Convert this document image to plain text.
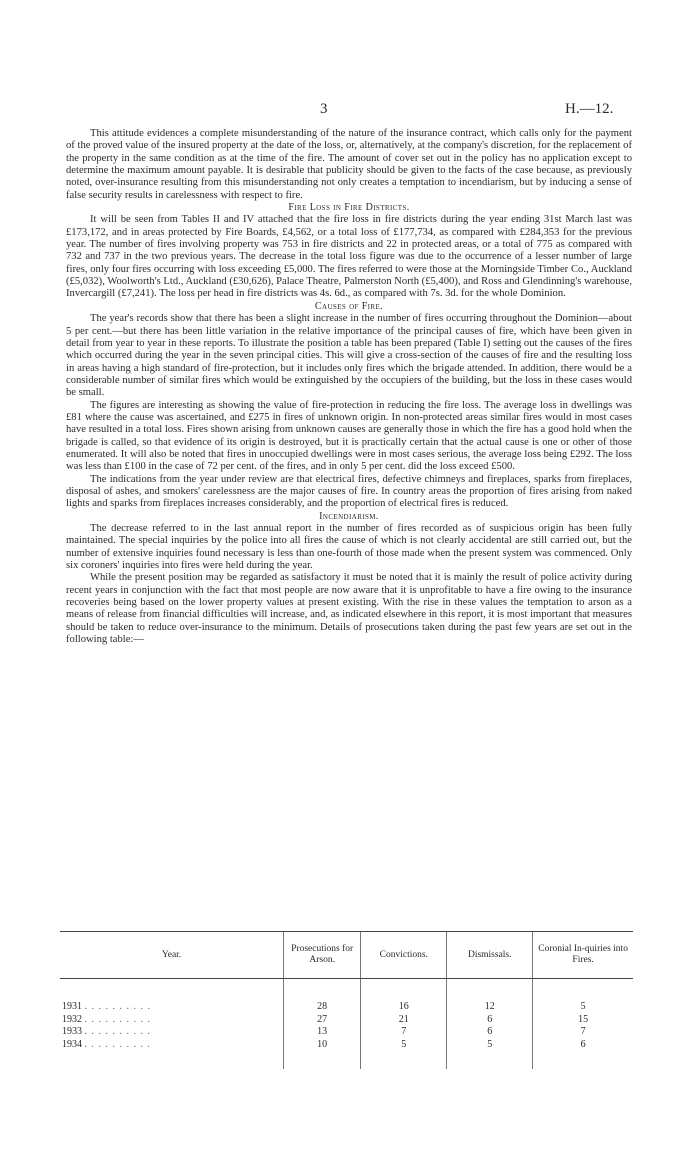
3	H.—12.

This attitude evidences a complete misunderstanding of the nature of the insurance contract, which calls only for the payment of the proved value of the insured property at the date of the loss, or, alternatively, at the company's discretion, for the replacement of the property in the same condition as at the time of the fire. The amount of cover set out in the policy has no application except to determine the maximum amount payable. It is desirable that publicity should be given to the facts of the case because, as previously noted, over-insurance resulting from this misunderstanding not only creates a temptation to incendiarism, but by inducing a sense of false security results in carelessness with respect to fire.

Fire Loss in Fire Districts.

It will be seen from Tables II and IV attached that the fire loss in fire districts during the year ending 31st March last was £173,172, and in areas protected by Fire Boards, £4,562, or a total loss of £177,734, as compared with £284,353 for the previous year. The number of fires involving property was 753 in fire districts and 22 in protected areas, or a total of 775 as compared with 732 and 737 in the two previous years. The decrease in the total loss figure was due to the occurrence of a lesser number of large fires, only four fires occurring with loss exceeding £5,000. The fires referred to were those at the Morningside Timber Co., Auckland (£5,032), Woolworth's Ltd., Auckland (£30,626), Palace Theatre, Palmerston North (£5,400), and Ross and Glendinning's warehouse, Invercargill (£7,241). The loss per head in fire districts was 4s. 6d., as compared with 7s. 3d. for the whole Dominion.

Causes of Fire.

The year's records show that there has been a slight increase in the number of fires occurring throughout the Dominion—about 5 per cent.—but there has been little variation in the relative importance of the principal causes of fire, which have been given in detail from year to year in these reports. To illustrate the position a table has been prepared (Table I) setting out the causes of the fires which occurred during the year in the seven principal cities. This will give a cross-section of the causes of fire and the resulting loss in areas having a high standard of fire-protection, but it includes only fires which the brigade attended. In addition, there would be a considerable number of similar fires which would be extinguished by the occupiers of the building, but the loss in these cases would be small.

The figures are interesting as showing the value of fire-protection in reducing the fire loss. The average loss in dwellings was £81 where the cause was ascertained, and £275 in fires of unknown origin. In non-protected areas similar fires would in most cases have resulted in a total loss. Fires shown arising from unknown causes are generally those in which the fire has a good hold when the brigade is called, so that evidence of its origin is destroyed, but it is practically certain that the actual cause is one or other of those enumerated. It will also be noted that fires in unoccupied dwellings were in most cases serious, the average loss being £292. The loss was less than £100 in the case of 72 per cent. of the fires, and in only 5 per cent. did the loss exceed £500.

The indications from the year under review are that electrical fires, defective chimneys and fireplaces, sparks from fireplaces, disposal of ashes, and smokers' carelessness are the major causes of fire. In country areas the proportion of fires arising from naked lights and sparks from fireplaces increases considerably, and the proportion of electrical fires is reduced.

Incendiarism.

The decrease referred to in the last annual report in the number of fires recorded as of suspicious origin has been fully maintained. The special inquiries by the police into all fires the cause of which is not clearly accidental are still carried out, but the number of extensive inquiries found necessary is less than one-fourth of those made when the present system was commenced. Only six coroners' inquiries into fires were held during the year.

While the present position may be regarded as satisfactory it must be noted that it is mainly the result of police activity during recent years in conjunction with the fact that most people are now aware that it is unprofitable to have a fire owing to the insurance recoveries being based on the lower property values at present existing. With the rise in these values the temptation to arson as a means of release from financial difficulties will increase, and, as indicated elsewhere in this report, it is most important that measures should be taken to reduce over-insurance to the minimum. Details of prosecutions taken during the past few years are set out in the following table:—

Year.	Prosecutions for Arson.	Convictions.	Dismissals.	Coronial In-quiries into Fires.
1931 . . . . . . . . . .	28	16	12	5
1932 . . . . . . . . . .	27	21	6	15
1933 . . . . . . . . . .	13	7	6	7
1934 . . . . . . . . . .	10	5	5	6
